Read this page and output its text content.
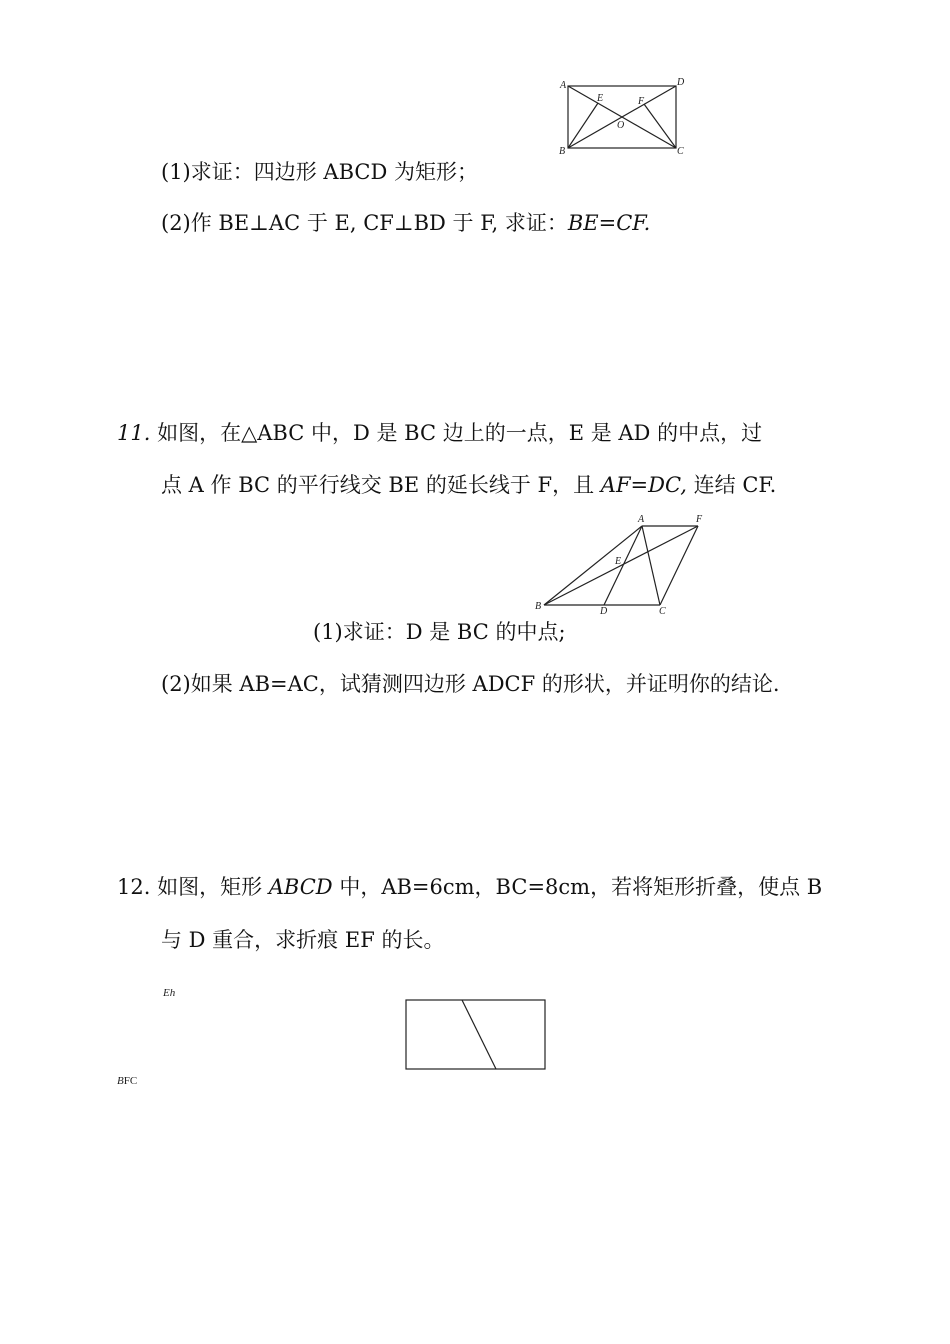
A	D
E	F
O
B	C
(1)求证：四边形 ABCD 为矩形；
(2)作 BE⊥AC 于 E, CF⊥BD 于 F, 求证：BE=CF.
11. 如图，在△ABC 中，D 是 BC 边上的一点，E 是 AD 的中点，过
点 A 作 BC 的平行线交 BE 的延长线于 F，且 AF=DC, 连结 CF.
A	F
E
B	D	C
(1)求证：D 是 BC 的中点;
(2)如果 AB=AC，试猜测四边形 ADCF 的形状，并证明你的结论.
12. 如图，矩形 ABCD 中，AB=6cm，BC=8cm，若将矩形折叠，使点 B
与 D 重合，求折痕 EF 的长。
Eh
BFC
